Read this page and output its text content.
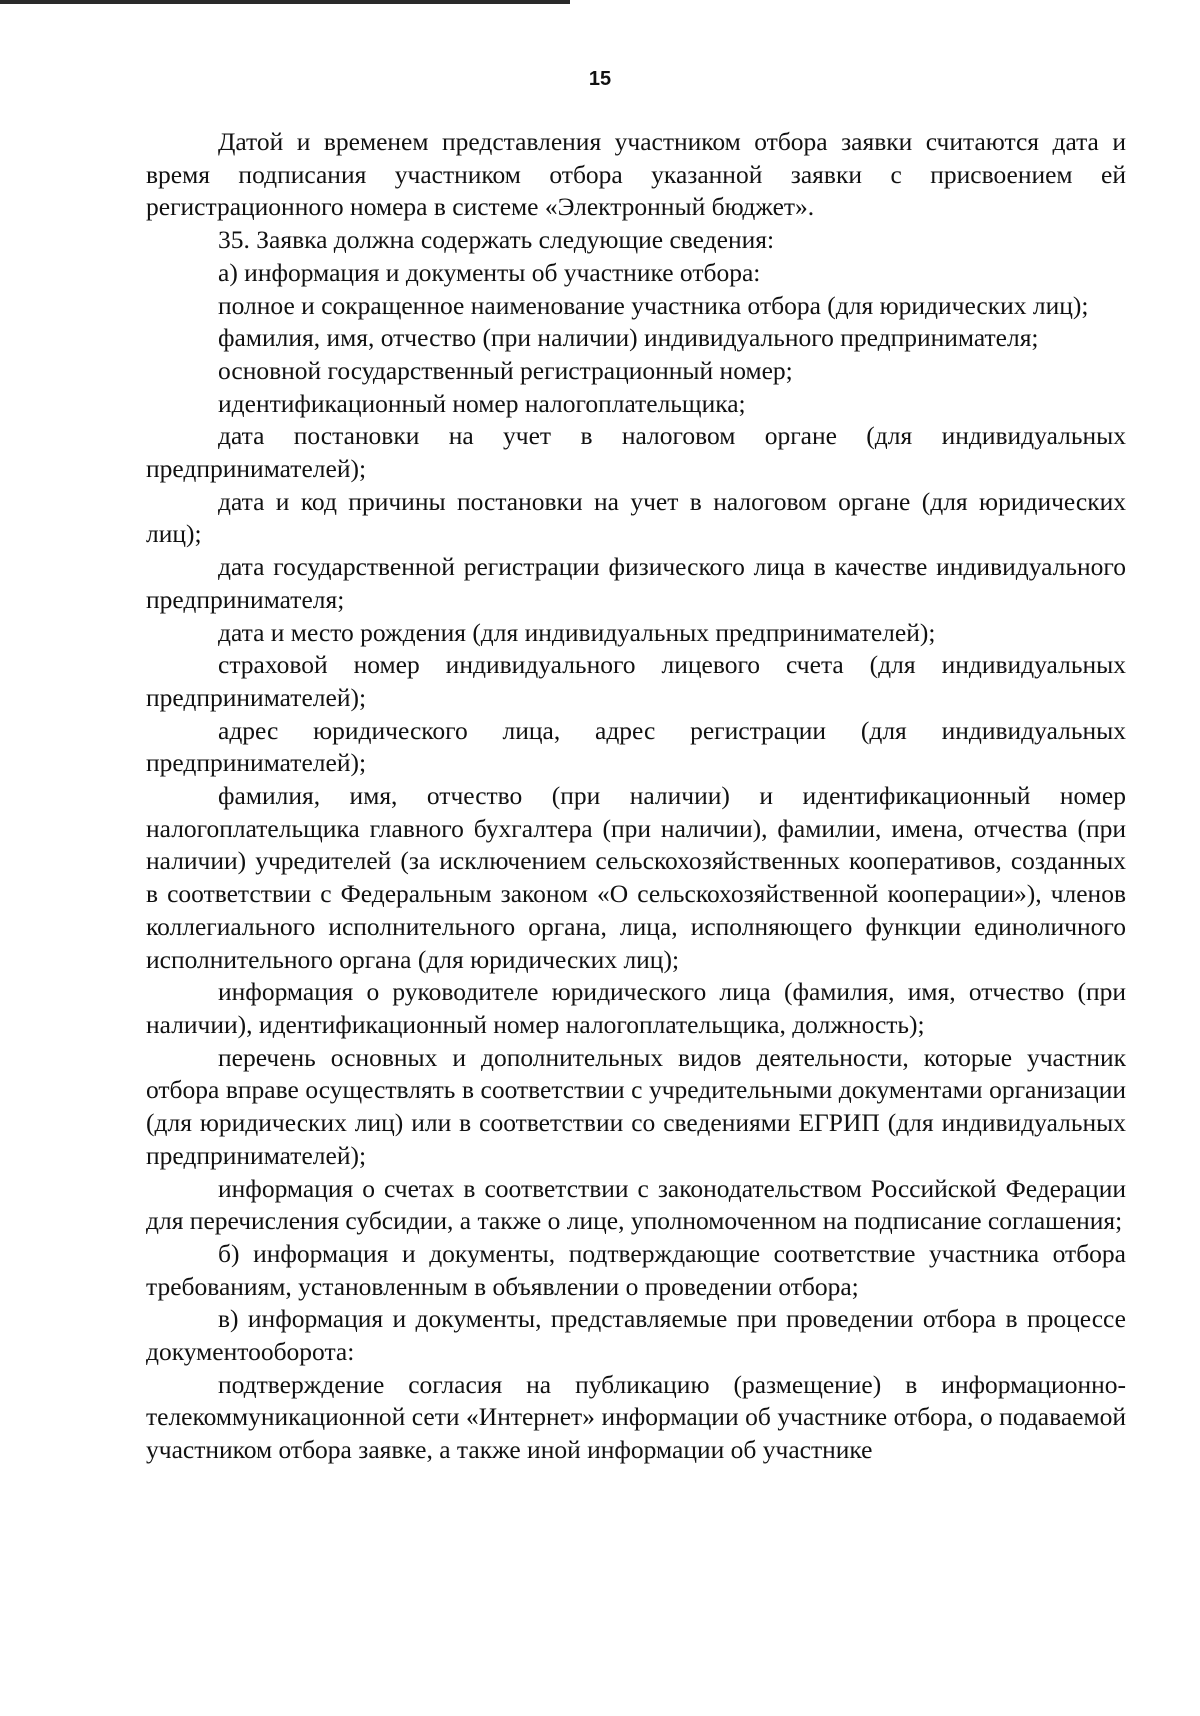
15

Датой и временем представления участником отбора заявки считаются дата и время подписания участником отбора указанной заявки с присвоением ей регистрационного номера в системе «Электронный бюджет».

35. Заявка должна содержать следующие сведения:

а) информация и документы об участнике отбора:

полное и сокращенное наименование участника отбора (для юридических лиц);

фамилия, имя, отчество (при наличии) индивидуального предпринимателя;

основной государственный регистрационный номер;

идентификационный номер налогоплательщика;

дата постановки на учет в налоговом органе (для индивидуальных предпринимателей);

дата и код причины постановки на учет в налоговом органе (для юридических лиц);

дата государственной регистрации физического лица в качестве индивидуального предпринимателя;

дата и место рождения (для индивидуальных предпринимателей);

страховой номер индивидуального лицевого счета (для индивидуальных предпринимателей);

адрес юридического лица, адрес регистрации (для индивидуальных предпринимателей);

фамилия, имя, отчество (при наличии) и идентификационный номер налогоплательщика главного бухгалтера (при наличии), фамилии, имена, отчества (при наличии) учредителей (за исключением сельскохозяйственных кооперативов, созданных в соответствии с Федеральным законом «О сельскохозяйственной кооперации»), членов коллегиального исполнительного органа, лица, исполняющего функции единоличного исполнительного органа (для юридических лиц);

информация о руководителе юридического лица (фамилия, имя, отчество (при наличии), идентификационный номер налогоплательщика, должность);

перечень основных и дополнительных видов деятельности, которые участник отбора вправе осуществлять в соответствии с учредительными документами организации (для юридических лиц) или в соответствии со сведениями ЕГРИП (для индивидуальных предпринимателей);

информация о счетах в соответствии с законодательством Российской Федерации для перечисления субсидии, а также о лице, уполномоченном на подписание соглашения;

б) информация и документы, подтверждающие соответствие участника отбора требованиям, установленным в объявлении о проведении отбора;

в) информация и документы, представляемые при проведении отбора в процессе документооборота:

подтверждение согласия на публикацию (размещение) в информационно-телекоммуникационной сети «Интернет» информации об участнике отбора, о подаваемой участником отбора заявке, а также иной информации об участнике
